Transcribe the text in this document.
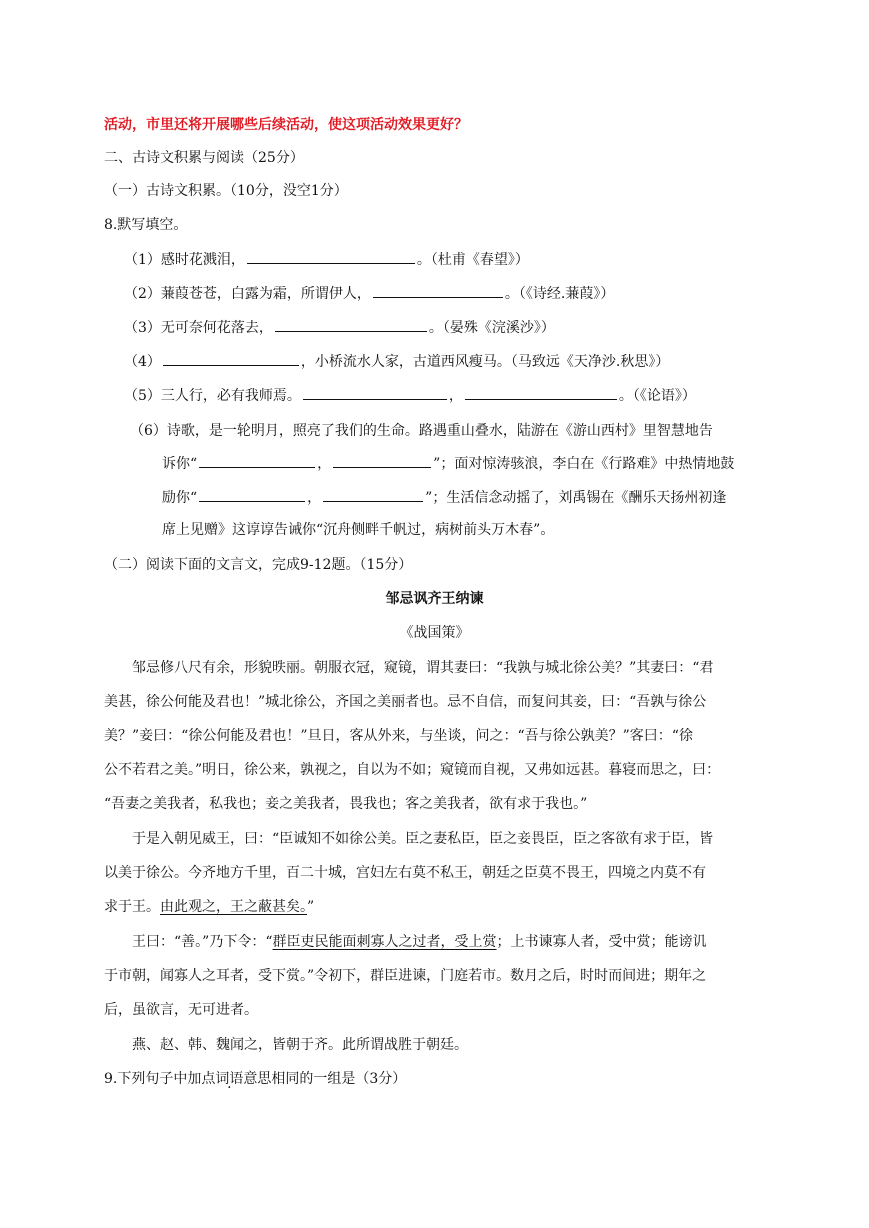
活动，市里还将开展哪些后续活动，使这项活动效果更好？
二、古诗文积累与阅读（25分）
（一）古诗文积累。（10分，没空1分）
8.默写填空。
（1）感时花溅泪，	。（杜甫《春望》）
（2）蒹葭苍苍，白露为霜，所谓伊人，	。（《诗经.蒹葭》）
（3）无可奈何花落去，	。（晏殊《浣溪沙》）
（4）	，小桥流水人家，古道西风瘦马。（马致远《天净沙.秋思》）
（5）三人行，必有我师焉。	，	。（《论语》）
（6）诗歌，是一轮明月，照亮了我们的生命。路遇重山叠水，陆游在《游山西村》里智慧地告
诉你“	，	”；面对惊涛骇浪，李白在《行路难》中热情地鼓
励你“	，	”；生活信念动摇了，刘禹锡在《酬乐天扬州初逢
席上见赠》这谆谆告诫你“沉舟侧畔千帆过，病树前头万木春”。
（二）阅读下面的文言文，完成9-12题。（15分）
邹忌讽齐王纳谏
《战国策》
邹忌修八尺有余，形貌昳丽。朝服衣冠，窥镜，谓其妻曰：“我孰与城北徐公美？”其妻曰：“君
美甚，徐公何能及君也！”城北徐公，齐国之美丽者也。忌不自信，而复问其妾，曰：“吾孰与徐公
美？”妾曰：“徐公何能及君也！”旦日，客从外来，与坐谈，问之：“吾与徐公孰美？”客曰：“徐
公不若君之美。”明日，徐公来，孰视之，自以为不如；窥镜而自视，又弗如远甚。暮寝而思之，曰：
“吾妻之美我者，私我也；妾之美我者，畏我也；客之美我者，欲有求于我也。”
于是入朝见威王，曰：“臣诚知不如徐公美。臣之妻私臣，臣之妾畏臣，臣之客欲有求于臣，皆
以美于徐公。今齐地方千里，百二十城，宫妇左右莫不私王，朝廷之臣莫不畏王，四境之内莫不有
求于王。由此观之，王之蔽甚矣。”
王曰：“善。”乃下令：“群臣吏民能面刺寡人之过者，受上赏；上书谏寡人者，受中赏；能谤讥
于市朝，闻寡人之耳者，受下赏。”令初下，群臣进谏，门庭若市。数月之后，时时而间进；期年之
后，虽欲言，无可进者。
燕、赵、韩、魏闻之，皆朝于齐。此所谓战胜于朝廷。
9.下列句子中加点词语意思相同的一组是（3分）
